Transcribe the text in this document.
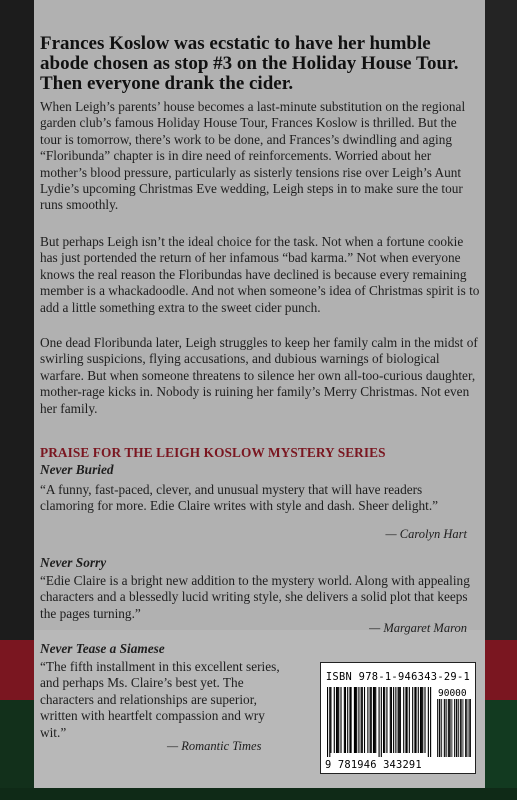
Frances Koslow was ecstatic to have her humble abode chosen as stop #3 on the Holiday House Tour. Then everyone drank the cider.

When Leigh’s parents’ house becomes a last-minute substitution on the regional garden club’s famous Holiday House Tour, Frances Koslow is thrilled. But the tour is tomorrow, there’s work to be done, and Frances’s dwindling and aging “Floribunda” chapter is in dire need of reinforcements. Worried about her mother’s blood pressure, particularly as sisterly tensions rise over Leigh’s Aunt Lydie’s upcoming Christmas Eve wedding, Leigh steps in to make sure the tour runs smoothly.

But perhaps Leigh isn’t the ideal choice for the task. Not when a fortune cookie has just portended the return of her infamous “bad karma.” Not when everyone knows the real reason the Floribundas have declined is because every remaining member is a whackadoodle. And not when someone’s idea of Christmas spirit is to add a little something extra to the sweet cider punch.

One dead Floribunda later, Leigh struggles to keep her family calm in the midst of swirling suspicions, flying accusations, and dubious warnings of biological warfare. But when someone threatens to silence her own all-too-curious daughter, mother-rage kicks in. Nobody is ruining her family’s Merry Christmas. Not even her family.

PRAISE FOR THE LEIGH KOSLOW MYSTERY SERIES

Never Buried

“A funny, fast-paced, clever, and unusual mystery that will have readers clamoring for more. Edie Claire writes with style and dash. Sheer delight.”

— Carolyn Hart

Never Sorry

“Edie Claire is a bright new addition to the mystery world. Along with appealing characters and a blessedly lucid writing style, she delivers a solid plot that keeps the pages turning.”

— Margaret Maron

Never Tease a Siamese

“The fifth installment in this excellent series, and perhaps Ms. Claire’s best yet. The characters and relationships are superior, written with heartfelt compassion and wry wit.”

— Romantic Times

ISBN 978-1-946343-29-1
90000
9 781946 343291
